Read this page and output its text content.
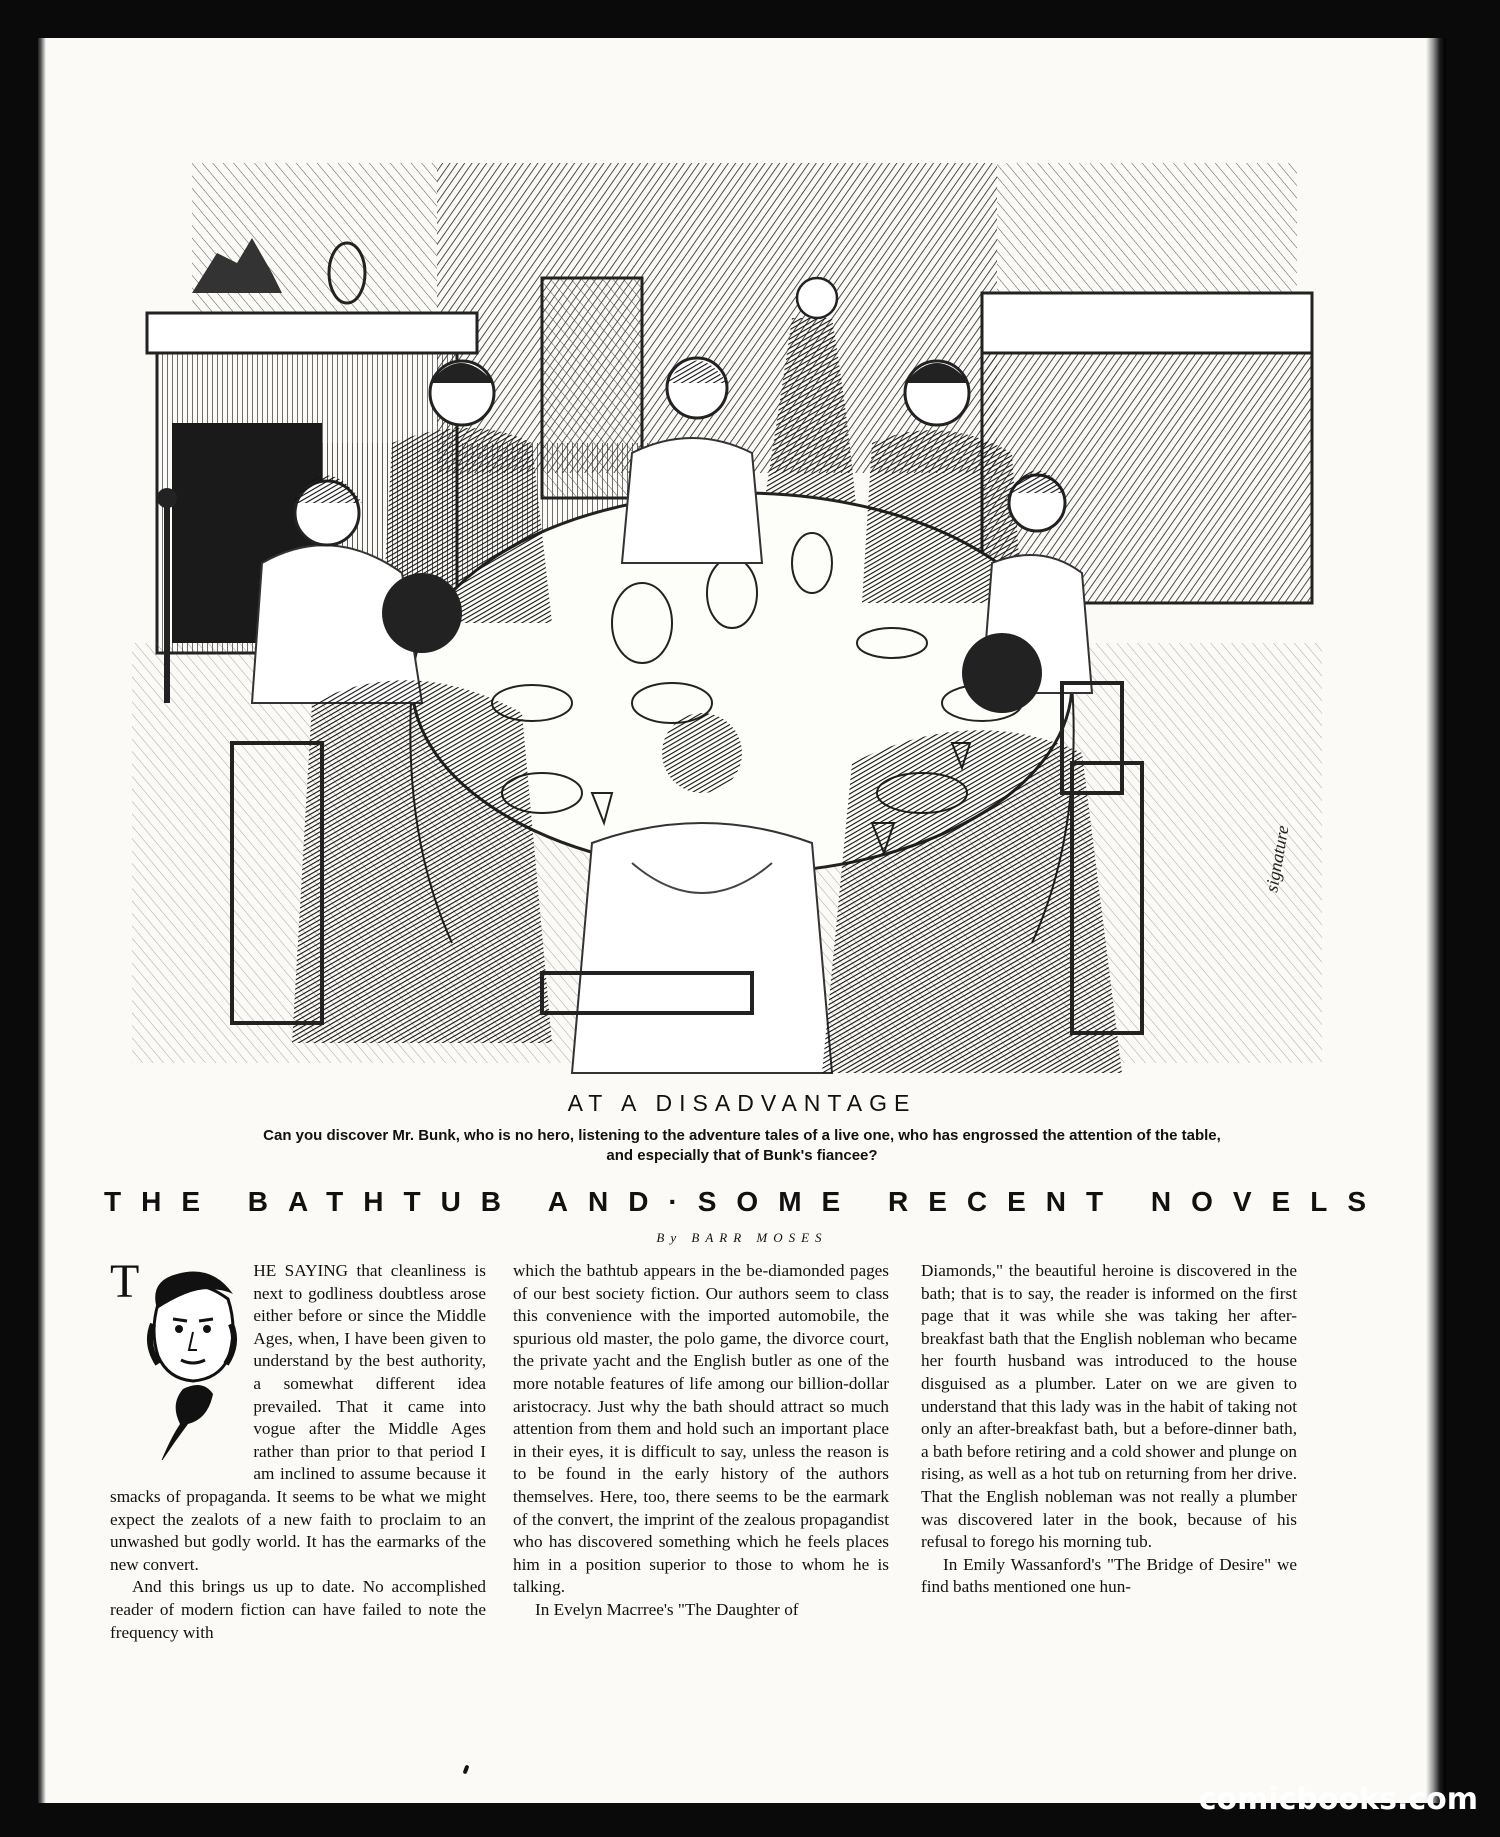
signature
AT A DISADVANTAGE

Can you discover Mr. Bunk, who is no hero, listening to the adventure tales of a live one, who has engrossed the attention of the table,
and especially that of Bunk's fiancee?

THE BATHTUB AND·SOME RECENT NOVELS
By BARR MOSES

T	HE SAYING that cleanliness is next to godliness doubtless arose either before or since the Middle Ages, when, I have been given to understand by the best authority, a somewhat different idea prevailed. That it came into vogue after the Middle Ages rather than prior to that period I am inclined to assume because it smacks of propaganda. It seems to be what we might expect the zealots of a new faith to proclaim to an unwashed but godly world. It has the earmarks of the new convert.

And this brings us up to date. No accomplished reader of modern fiction can have failed to note the frequency with

which the bathtub appears in the be-diamonded pages of our best society fiction. Our authors seem to class this convenience with the imported automobile, the spurious old master, the polo game, the divorce court, the private yacht and the English butler as one of the more notable features of life among our billion-dollar aristocracy. Just why the bath should attract so much attention from them and hold such an important place in their eyes, it is difficult to say, unless the reason is to be found in the early history of the authors themselves. Here, too, there seems to be the earmark of the convert, the imprint of the zealous propagandist who has discovered something which he feels places him in a position superior to those to whom he is talking.

In Evelyn Macrree's "The Daughter of

Diamonds," the beautiful heroine is discovered in the bath; that is to say, the reader is informed on the first page that it was while she was taking her after-breakfast bath that the English nobleman who became her fourth husband was introduced to the house disguised as a plumber. Later on we are given to understand that this lady was in the habit of taking not only an after-breakfast bath, but a before-dinner bath, a bath before retiring and a cold shower and plunge on rising, as well as a hot tub on returning from her drive. That the English nobleman was not really a plumber was discovered later in the book, because of his refusal to forego his morning tub.

In Emily Wassanford's "The Bridge of Desire" we find baths mentioned one hun-

comicbooks.com
